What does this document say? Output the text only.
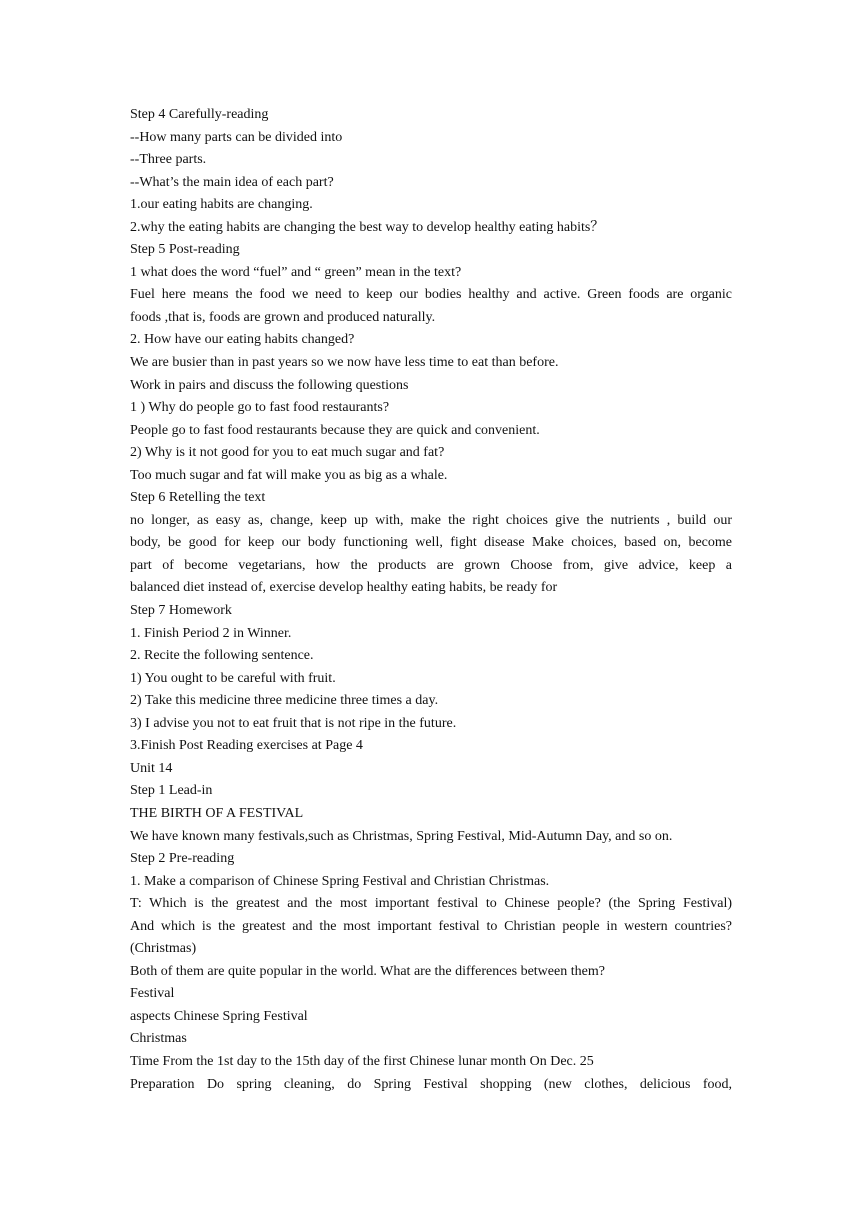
Step 4 Carefully-reading
--How many parts can be divided into
--Three parts.
--What’s the main idea of each part?
1.our eating habits are changing.
2.why the eating habits are changing the best way to develop healthy eating habits？
Step 5 Post-reading
1 what does the word “fuel” and “ green” mean in the text?
Fuel here means the food we need to keep our bodies healthy and active. Green foods are organic
foods ,that is, foods are grown and produced naturally.
2. How have our eating habits changed?
We are busier than in past years so we now have less time to eat than before.
Work in pairs and discuss the following questions
1 ) Why do people go to fast food restaurants?
People go to fast food restaurants because they are quick and convenient.
2) Why is it not good for you to eat much sugar and fat?
Too much sugar and fat will make you as big as a whale.
Step 6 Retelling the text
no longer, as easy as, change, keep up with, make the right choices give the nutrients , build our
body, be good for keep our body functioning well, fight disease Make choices, based on, become
part of become vegetarians, how the products are grown Choose from, give advice, keep a
balanced diet instead of, exercise develop healthy eating habits, be ready for
Step 7 Homework
1. Finish Period 2 in Winner.
2. Recite the following sentence.
1) You ought to be careful with fruit.
2) Take this medicine three medicine three times a day.
3) I advise you not to eat fruit that is not ripe in the future.
3.Finish Post Reading exercises at Page 4
Unit 14
Step 1 Lead-in
THE BIRTH OF A FESTIVAL
We have known many festivals,such as Christmas, Spring Festival, Mid-Autumn Day, and so on.
Step 2 Pre-reading
1. Make a comparison of Chinese Spring Festival and Christian Christmas.
T: Which is the greatest and the most important festival to Chinese people? (the Spring Festival)
And which is the greatest and the most important festival to Christian people in western countries?
(Christmas)
Both of them are quite popular in the world. What are the differences between them?
Festival
aspects Chinese Spring Festival
Christmas
Time From the 1st day to the 15th day of the first Chinese lunar month On Dec. 25
Preparation Do spring cleaning, do Spring Festival shopping (new clothes, delicious food,
